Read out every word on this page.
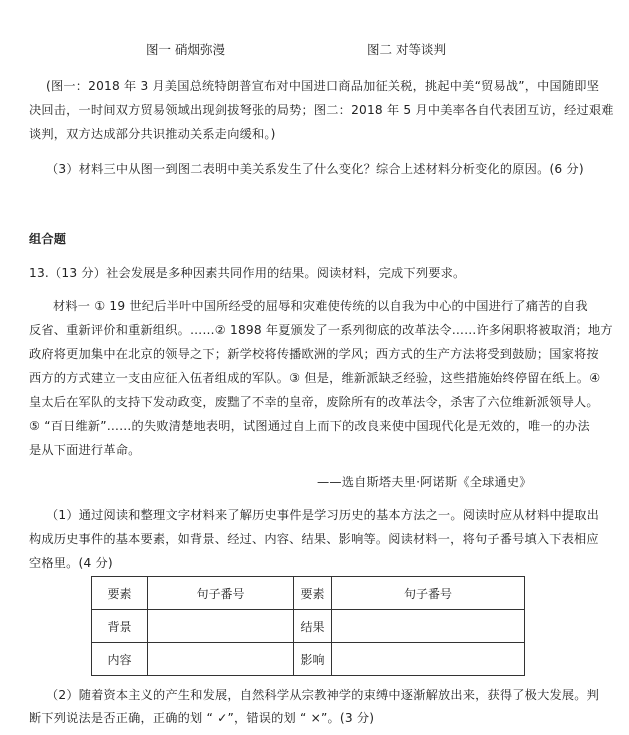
图一 硝烟弥漫	图二 对等谈判
(图一：2018 年 3 月美国总统特朗普宣布对中国进口商品加征关税，挑起中美“贸易战”，中国随即坚
决回击，一时间双方贸易领域出现剑拔弩张的局势；图二：2018 年 5 月中美率各自代表团互访，经过艰难
谈判，双方达成部分共识推动关系走向缓和。)
（3）材料三中从图一到图二表明中美关系发生了什么变化？综合上述材料分析变化的原因。(6 分)
组合题
13.（13 分）社会发展是多种因素共同作用的结果。阅读材料，完成下列要求。
材料一 ① 19 世纪后半叶中国所经受的屈辱和灾难使传统的以自我为中心的中国进行了痛苦的自我
反省、重新评价和重新组织。……② 1898 年夏颁发了一系列彻底的改革法令……许多闲职将被取消；地方
政府将更加集中在北京的领导之下；新学校将传播欧洲的学风；西方式的生产方法将受到鼓励；国家将按
西方的方式建立一支由应征入伍者组成的军队。③ 但是，维新派缺乏经验，这些措施始终停留在纸上。④
皇太后在军队的支持下发动政变，废黜了不幸的皇帝，废除所有的改革法令，杀害了六位维新派领导人。
⑤ “百日维新”……的失败清楚地表明，试图通过自上而下的改良来使中国现代化是无效的，唯一的办法
是从下面进行革命。
——选自斯塔夫里·阿诺斯《全球通史》
（1）通过阅读和整理文字材料来了解历史事件是学习历史的基本方法之一。阅读时应从材料中提取出
构成历史事件的基本要素，如背景、经过、内容、结果、影响等。阅读材料一，将句子番号填入下表相应
空格里。(4 分)
要素	句子番号	要素	句子番号
背景		结果	
内容		影响	
（2）随着资本主义的产生和发展，自然科学从宗教神学的束缚中逐渐解放出来，获得了极大发展。判
断下列说法是否正确，正确的划 “ ✓”，错误的划 “ ×”。(3 分)
